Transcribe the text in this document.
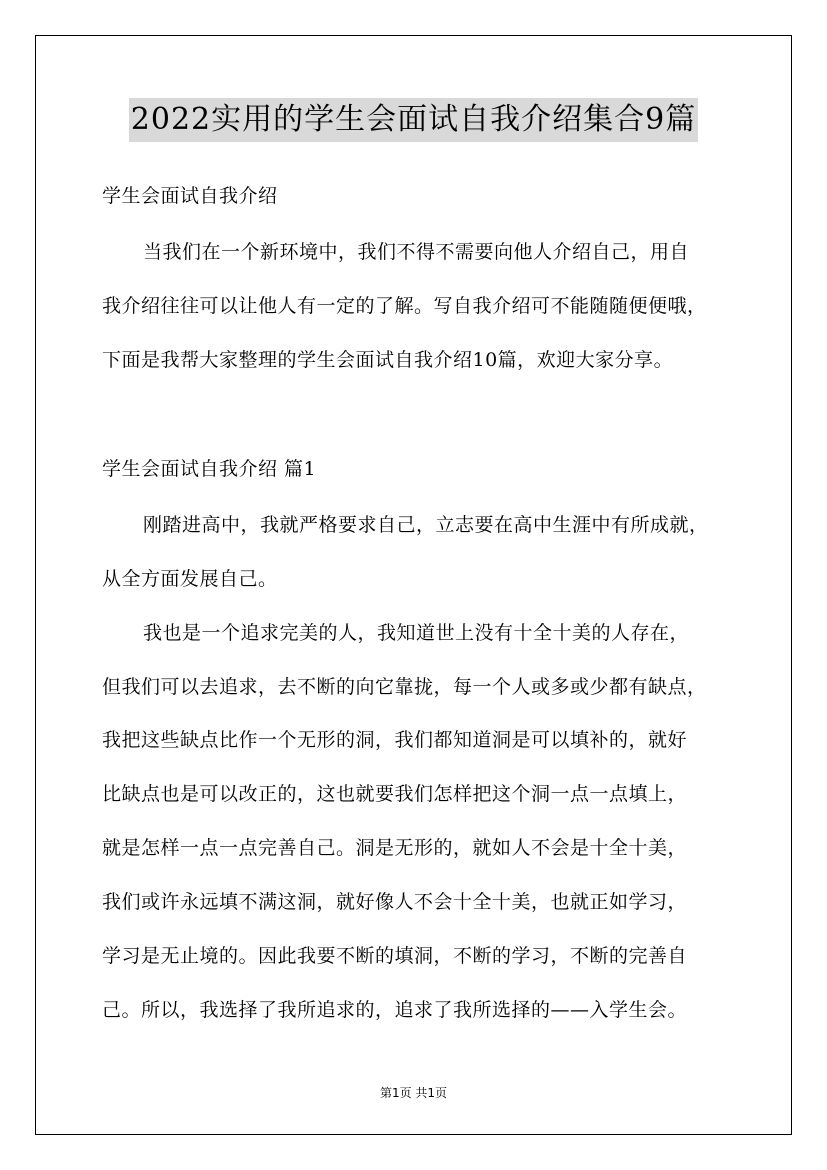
2022实用的学生会面试自我介绍集合9篇
学生会面试自我介绍
当我们在一个新环境中，我们不得不需要向他人介绍自己，用自
我介绍往往可以让他人有一定的了解。写自我介绍可不能随随便便哦，
下面是我帮大家整理的学生会面试自我介绍10篇，欢迎大家分享。
学生会面试自我介绍 篇1
刚踏进高中，我就严格要求自己，立志要在高中生涯中有所成就，
从全方面发展自己。
我也是一个追求完美的人，我知道世上没有十全十美的人存在，
但我们可以去追求，去不断的向它靠拢，每一个人或多或少都有缺点，
我把这些缺点比作一个无形的洞，我们都知道洞是可以填补的，就好
比缺点也是可以改正的，这也就要我们怎样把这个洞一点一点填上，
就是怎样一点一点完善自己。洞是无形的，就如人不会是十全十美，
我们或许永远填不满这洞，就好像人不会十全十美，也就正如学习，
学习是无止境的。因此我要不断的填洞，不断的学习，不断的完善自
己。所以，我选择了我所追求的，追求了我所选择的——入学生会。
第1页 共1页
